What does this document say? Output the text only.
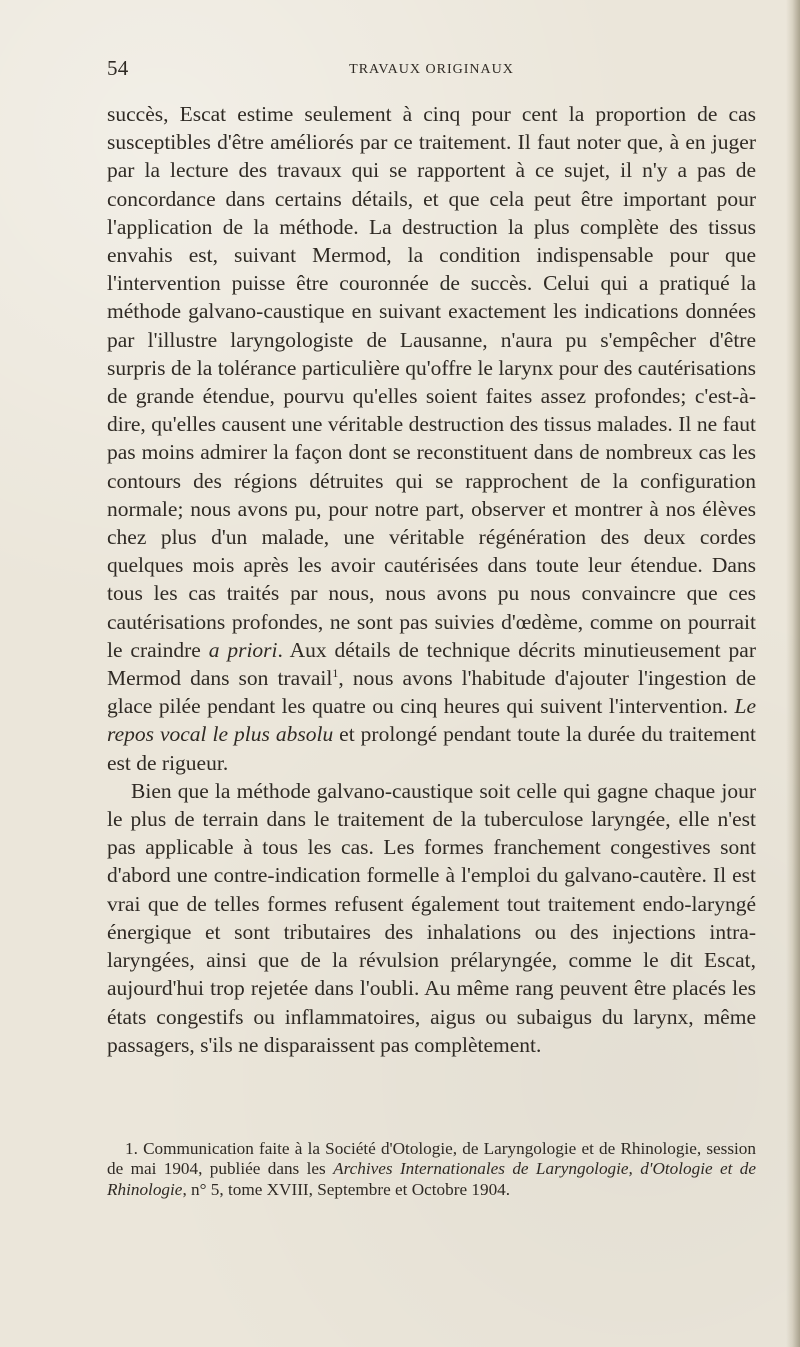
54	TRAVAUX ORIGINAUX

succès, Escat estime seulement à cinq pour cent la proportion de cas susceptibles d'être améliorés par ce traitement. Il faut noter que, à en juger par la lecture des travaux qui se rapportent à ce sujet, il n'y a pas de concordance dans certains détails, et que cela peut être important pour l'application de la méthode. La destruction la plus complète des tissus envahis est, suivant Mermod, la condition indispensable pour que l'intervention puisse être couronnée de succès. Celui qui a pratiqué la méthode galvano-caustique en suivant exactement les indications données par l'illustre laryngologiste de Lausanne, n'aura pu s'empêcher d'être surpris de la tolérance particulière qu'offre le larynx pour des cautérisations de grande étendue, pourvu qu'elles soient faites assez profondes; c'est-à-dire, qu'elles causent une véritable destruction des tissus malades. Il ne faut pas moins admirer la façon dont se reconstituent dans de nombreux cas les contours des régions détruites qui se rapprochent de la configuration normale; nous avons pu, pour notre part, observer et montrer à nos élèves chez plus d'un malade, une véritable régénération des deux cordes quelques mois après les avoir cautérisées dans toute leur étendue. Dans tous les cas traités par nous, nous avons pu nous convaincre que ces cautérisations profondes, ne sont pas suivies d'œdème, comme on pourrait le craindre a priori. Aux détails de technique décrits minutieusement par Mermod dans son travail$^1$, nous avons l'habitude d'ajouter l'ingestion de glace pilée pendant les quatre ou cinq heures qui suivent l'intervention. Le repos vocal le plus absolu et prolongé pendant toute la durée du traitement est de rigueur.

Bien que la méthode galvano-caustique soit celle qui gagne chaque jour le plus de terrain dans le traitement de la tuberculose laryngée, elle n'est pas applicable à tous les cas. Les formes franchement congestives sont d'abord une contre-indication formelle à l'emploi du galvano-cautère. Il est vrai que de telles formes refusent également tout traitement endo-laryngé énergique et sont tributaires des inhalations ou des injections intra-laryngées, ainsi que de la révulsion prélaryngée, comme le dit Escat, aujourd'hui trop rejetée dans l'oubli. Au même rang peuvent être placés les états congestifs ou inflammatoires, aigus ou subaigus du larynx, même passagers, s'ils ne disparaissent pas complètement.

1. Communication faite à la Société d'Otologie, de Laryngologie et de Rhinologie, session de mai 1904, publiée dans les Archives Internationales de Laryngologie, d'Otologie et de Rhinologie, n° 5, tome XVIII, Septembre et Octobre 1904.
